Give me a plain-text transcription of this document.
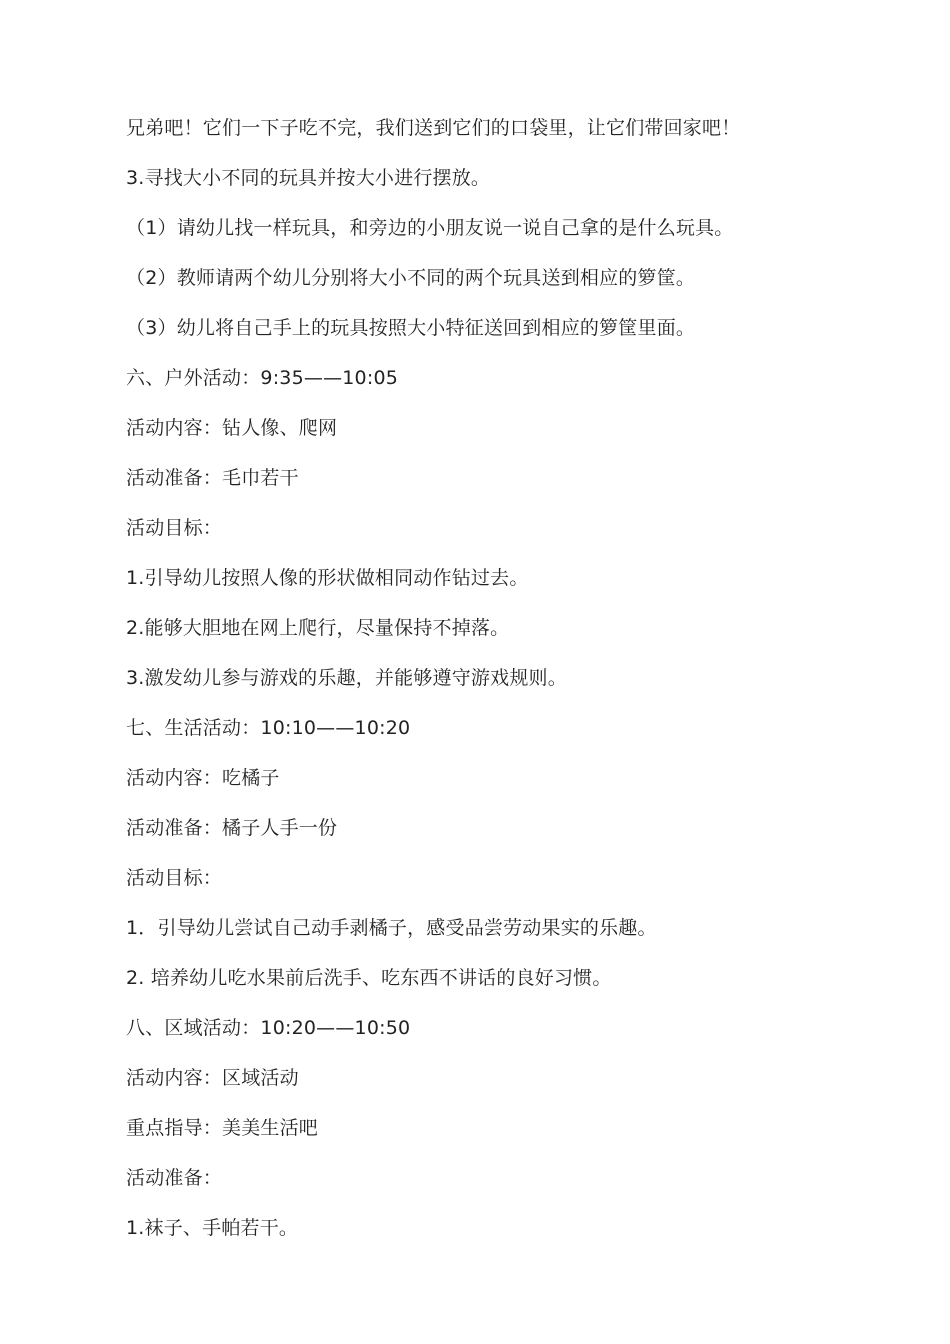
兄弟吧！它们一下子吃不完，我们送到它们的口袋里，让它们带回家吧！
3.寻找大小不同的玩具并按大小进行摆放。
（1）请幼儿找一样玩具，和旁边的小朋友说一说自己拿的是什么玩具。
（2）教师请两个幼儿分别将大小不同的两个玩具送到相应的箩筐。
（3）幼儿将自己手上的玩具按照大小特征送回到相应的箩筐里面。
六、户外活动：9:35——10:05
活动内容：钻人像、爬网
活动准备：毛巾若干
活动目标：
1.引导幼儿按照人像的形状做相同动作钻过去。
2.能够大胆地在网上爬行，尽量保持不掉落。
3.激发幼儿参与游戏的乐趣，并能够遵守游戏规则。
七、生活活动：10:10——10:20
活动内容：吃橘子
活动准备：橘子人手一份
活动目标：
1．引导幼儿尝试自己动手剥橘子，感受品尝劳动果实的乐趣。
2. 培养幼儿吃水果前后洗手、吃东西不讲话的良好习惯。
八、区域活动：10:20——10:50
活动内容：区域活动
重点指导：美美生活吧
活动准备：
1.袜子、手帕若干。
